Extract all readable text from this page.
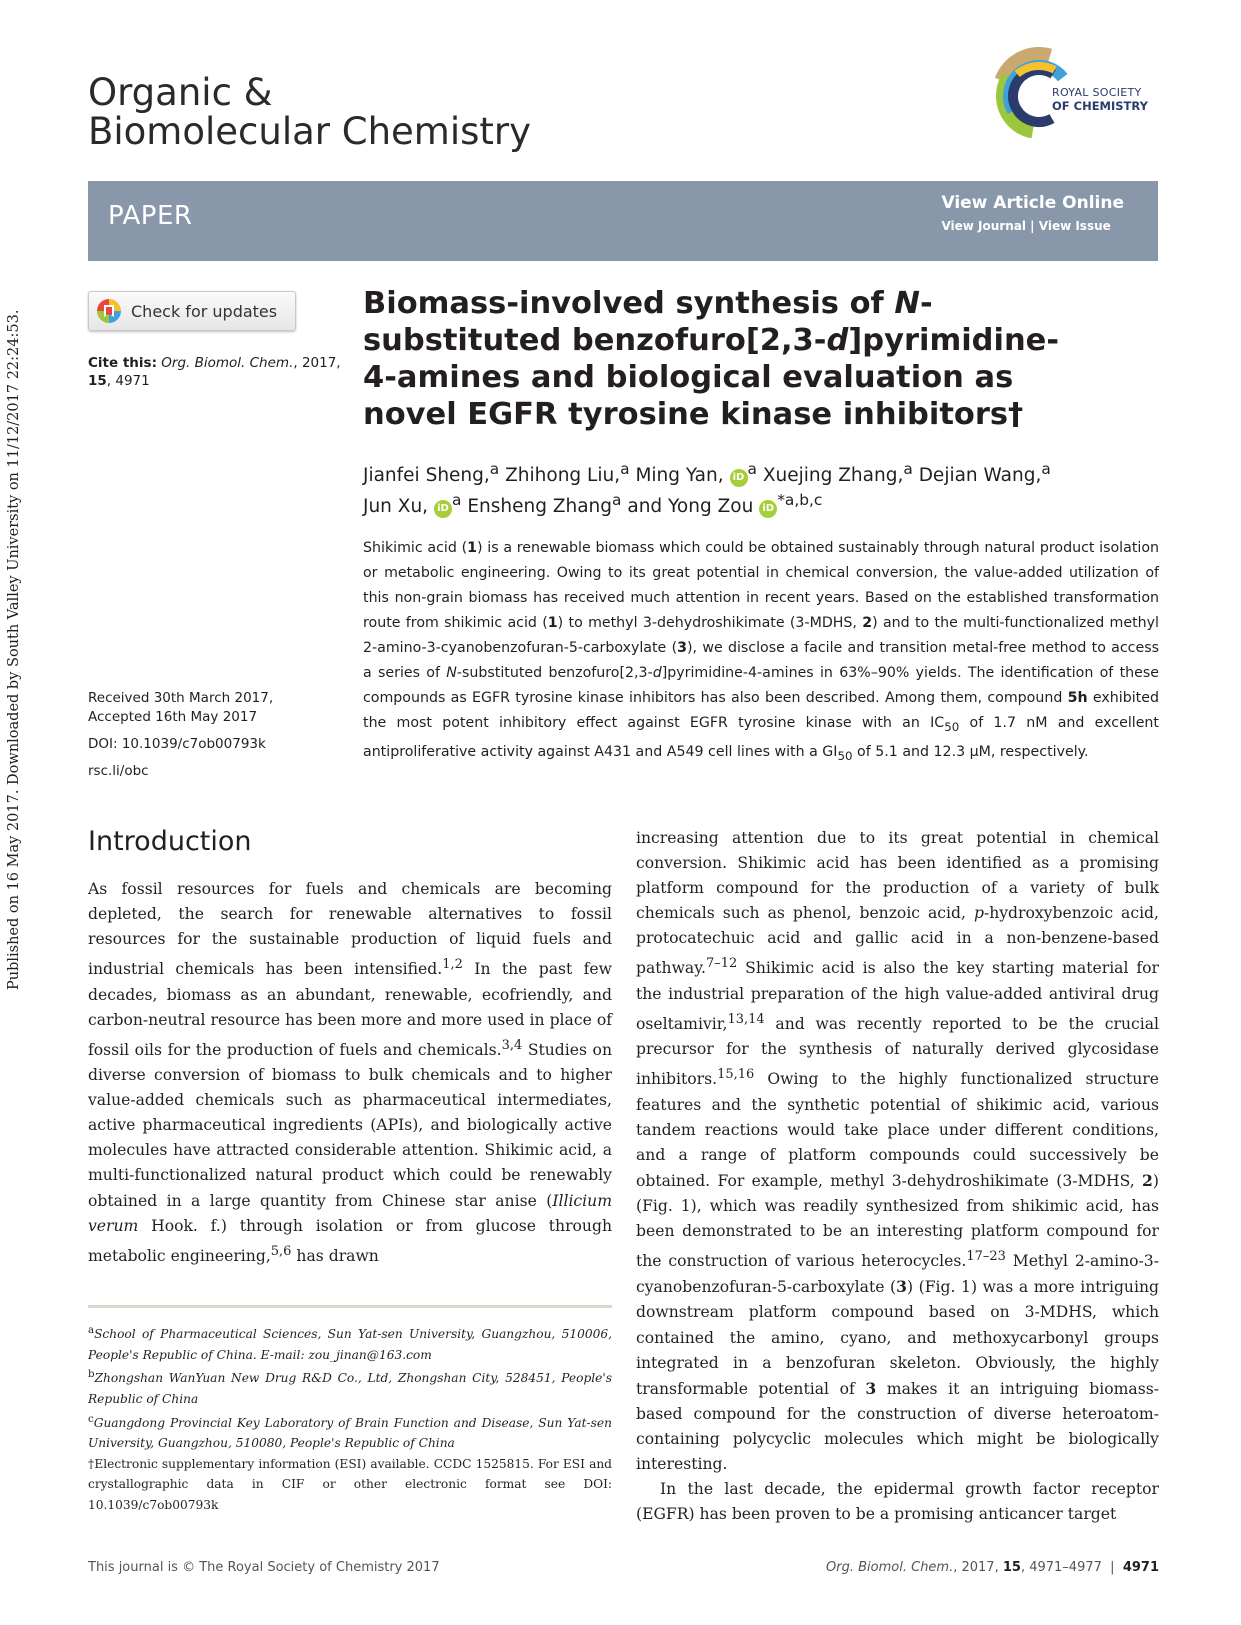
Published on 16 May 2017. Downloaded by South Valley University on 11/12/2017 22:24:53.
Organic &
Biomolecular Chemistry
ROYAL SOCIETY
OF CHEMISTRY
PAPER	View Article Online
View Journal | View Issue
Check for updates
Cite this: Org. Biomol. Chem., 2017,
15, 4971
Received 30th March 2017,
Accepted 16th May 2017
DOI: 10.1039/c7ob00793k
rsc.li/obc
Biomass-involved synthesis of N-substituted benzofuro[2,3-d]pyrimidine-4-amines and biological evaluation as novel EGFR tyrosine kinase inhibitors†
Jianfei Sheng,$^a$ Zhihong Liu,$^a$ Ming Yan, iD $^a$ Xuejing Zhang,$^a$ Dejian Wang,$^a$
Jun Xu, iD $^a$ Ensheng Zhang$^a$ and Yong Zou iD $^{*a,b,c}$
Shikimic acid (1) is a renewable biomass which could be obtained sustainably through natural product isolation or metabolic engineering. Owing to its great potential in chemical conversion, the value-added utilization of this non-grain biomass has received much attention in recent years. Based on the established transformation route from shikimic acid (1) to methyl 3-dehydroshikimate (3-MDHS, 2) and to the multi-functionalized methyl 2-amino-3-cyanobenzofuran-5-carboxylate (3), we disclose a facile and transition metal-free method to access a series of N-substituted benzofuro[2,3-d]pyrimidine-4-amines in 63%–90% yields. The identification of these compounds as EGFR tyrosine kinase inhibitors has also been described. Among them, compound 5h exhibited the most potent inhibitory effect against EGFR tyrosine kinase with an $IC_{50}$ of 1.7 nM and excellent antiproliferative activity against A431 and A549 cell lines with a $GI_{50}$ of 5.1 and 12.3 μM, respectively.
Introduction

As fossil resources for fuels and chemicals are becoming depleted, the search for renewable alternatives to fossil resources for the sustainable production of liquid fuels and industrial chemicals has been intensified.$^{1,2}$ In the past few decades, biomass as an abundant, renewable, ecofriendly, and carbon-neutral resource has been more and more used in place of fossil oils for the production of fuels and chemicals.$^{3,4}$ Studies on diverse conversion of biomass to bulk chemicals and to higher value-added chemicals such as pharmaceutical intermediates, active pharmaceutical ingredients (APIs), and biologically active molecules have attracted considerable attention. Shikimic acid, a multi-functionalized natural product which could be renewably obtained in a large quantity from Chinese star anise (Illicium verum Hook. f.) through isolation or from glucose through metabolic engineering,$^{5,6}$ has drawn

increasing attention due to its great potential in chemical conversion. Shikimic acid has been identified as a promising platform compound for the production of a variety of bulk chemicals such as phenol, benzoic acid, p-hydroxybenzoic acid, protocatechuic acid and gallic acid in a non-benzene-based pathway.$^{7-12}$ Shikimic acid is also the key starting material for the industrial preparation of the high value-added antiviral drug oseltamivir,$^{13,14}$ and was recently reported to be the crucial precursor for the synthesis of naturally derived glycosidase inhibitors.$^{15,16}$ Owing to the highly functionalized structure features and the synthetic potential of shikimic acid, various tandem reactions would take place under different conditions, and a range of platform compounds could successively be obtained. For example, methyl 3-dehydroshikimate (3-MDHS, 2) (Fig. 1), which was readily synthesized from shikimic acid, has been demonstrated to be an interesting platform compound for the construction of various heterocycles.$^{17-23}$ Methyl 2-amino-3-cyanobenzofuran-5-carboxylate (3) (Fig. 1) was a more intriguing downstream platform compound based on 3-MDHS, which contained the amino, cyano, and methoxycarbonyl groups integrated in a benzofuran skeleton. Obviously, the highly transformable potential of 3 makes it an intriguing biomass-based compound for the construction of diverse heteroatom-containing polycyclic molecules which might be biologically interesting.

In the last decade, the epidermal growth factor receptor (EGFR) has been proven to be a promising anticancer target

$^a$School of Pharmaceutical Sciences, Sun Yat-sen University, Guangzhou, 510006, People's Republic of China. E-mail: zou_jinan@163.com
$^b$Zhongshan WanYuan New Drug R&D Co., Ltd, Zhongshan City, 528451, People's Republic of China
$^c$Guangdong Provincial Key Laboratory of Brain Function and Disease, Sun Yat-sen University, Guangzhou, 510080, People's Republic of China
†Electronic supplementary information (ESI) available. CCDC 1525815. For ESI and crystallographic data in CIF or other electronic format see DOI: 10.1039/c7ob00793k
This journal is © The Royal Society of Chemistry 2017	Org. Biomol. Chem., 2017, 15, 4971–4977  |  4971
